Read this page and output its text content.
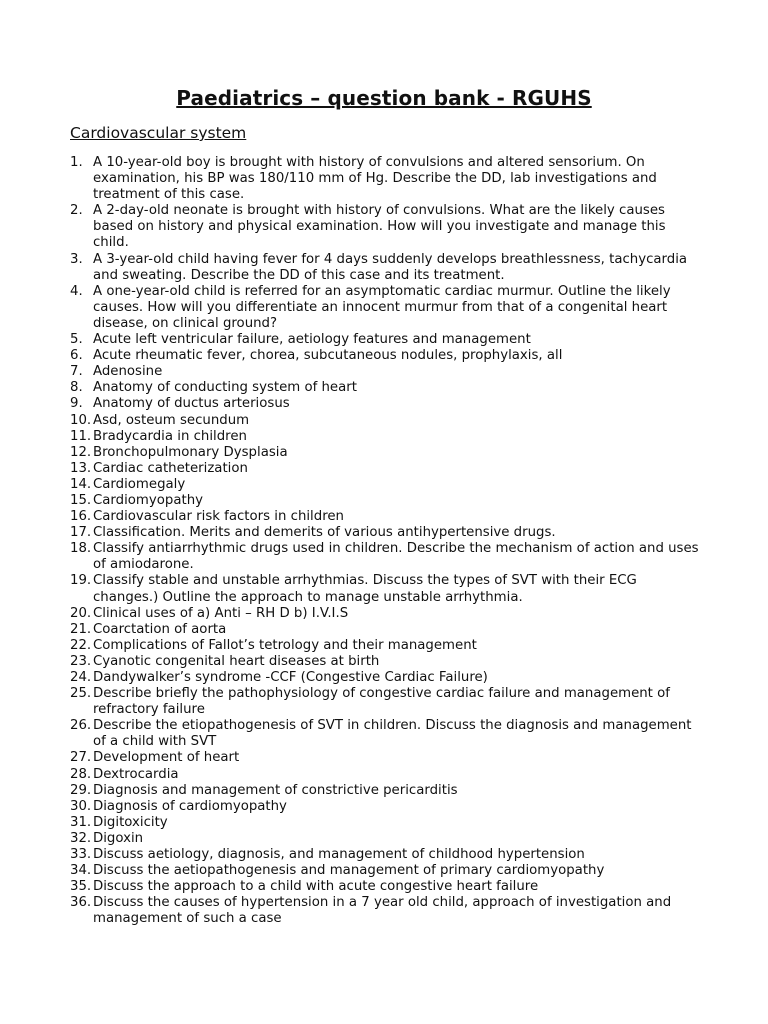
Paediatrics – question bank - RGUHS
Cardiovascular system
1. A 10-year-old boy is brought with history of convulsions and altered sensorium. On examination, his BP was 180/110 mm of Hg. Describe the DD, lab investigations and treatment of this case.
2. A 2-day-old neonate is brought with history of convulsions. What are the likely causes based on history and physical examination. How will you investigate and manage this child.
3. A 3-year-old child having fever for 4 days suddenly develops breathlessness, tachycardia and sweating. Describe the DD of this case and its treatment.
4. A one-year-old child is referred for an asymptomatic cardiac murmur. Outline the likely causes. How will you differentiate an innocent murmur from that of a congenital heart disease, on clinical ground?
5. Acute left ventricular failure, aetiology features and management
6. Acute rheumatic fever, chorea, subcutaneous nodules, prophylaxis, all
7. Adenosine
8. Anatomy of conducting system of heart
9. Anatomy of ductus arteriosus
10. Asd, osteum secundum
11. Bradycardia in children
12. Bronchopulmonary Dysplasia
13. Cardiac catheterization
14. Cardiomegaly
15. Cardiomyopathy
16. Cardiovascular risk factors in children
17. Classification. Merits and demerits of various antihypertensive drugs.
18. Classify antiarrhythmic drugs used in children. Describe the mechanism of action and uses of amiodarone.
19. Classify stable and unstable arrhythmias. Discuss the types of SVT with their ECG changes.) Outline the approach to manage unstable arrhythmia.
20. Clinical uses of a) Anti – RH D b) I.V.I.S
21. Coarctation of aorta
22. Complications of Fallot’s tetrology and their management
23. Cyanotic congenital heart diseases at birth
24. Dandywalker’s syndrome -CCF (Congestive Cardiac Failure)
25. Describe briefly the pathophysiology of congestive cardiac failure and management of refractory failure
26. Describe the etiopathogenesis of SVT in children. Discuss the diagnosis and management of a child with SVT
27. Development of heart
28. Dextrocardia
29. Diagnosis and management of constrictive pericarditis
30. Diagnosis of cardiomyopathy
31. Digitoxicity
32. Digoxin
33. Discuss aetiology, diagnosis, and management of childhood hypertension
34. Discuss the aetiopathogenesis and management of primary cardiomyopathy
35. Discuss the approach to a child with acute congestive heart failure
36. Discuss the causes of hypertension in a 7 year old child, approach of investigation and management of such a case
